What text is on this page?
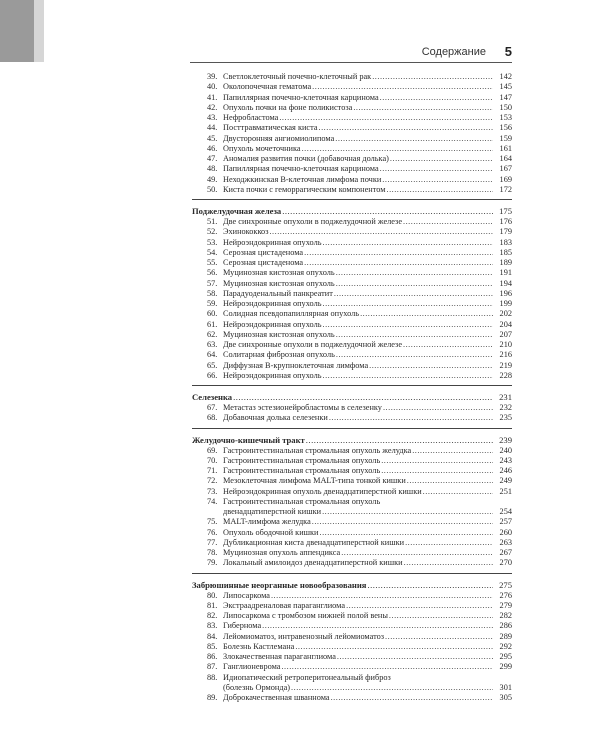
Содержание 5
39. Светлоклеточный почечно-клеточный рак .....	142
40. Околопочечная гематома .....	145
41. Папиллярная почечно-клеточная карцинома .....	147
42. Опухоль почки на фоне поликистоза .....	150
43. Нефробластома .....	153
44. Посттравматическая киста .....	156
45. Двусторонняя ангиомиолипома .....	159
46. Опухоль мочеточника .....	161
47. Аномалия развития почки (добавочная долька) .....	164
48. Папиллярная почечно-клеточная карцинома .....	167
49. Неходжкинская В-клеточная лимфома почки .....	169
50. Киста почки с геморрагическим компонентом .....	172
Поджелудочная железа .....	175
51. Две синхронные опухоли в поджелудочной железе .....	176
52. Эхинококкоз .....	179
53. Нейроэндокринная опухоль .....	183
54. Серозная цистаденома .....	185
55. Серозная цистаденома .....	189
56. Муцинозная кистозная опухоль .....	191
57. Муцинозная кистозная опухоль .....	194
58. Парадуоденальный панкреатит .....	196
59. Нейроэндокринная опухоль .....	199
60. Солидная псевдопапиллярная опухоль .....	202
61. Нейроэндокринная опухоль .....	204
62. Муцинозная кистозная опухоль .....	207
63. Две синхронные опухоли в поджелудочной железе .....	210
64. Солитарная фиброзная опухоль .....	216
65. Диффузная В-крупноклеточная лимфома .....	219
66. Нейроэндокринная опухоль .....	228
Селезенка .....	231
67. Метастаз эстезионейробластомы в селезенку .....	232
68. Добавочная долька селезенки .....	235
Желудочно-кишечный тракт .....	239
69. Гастроинтестинальная стромальная опухоль желудка .....	240
70. Гастроинтестинальная стромальная опухоль .....	243
71. Гастроинтестинальная стромальная опухоль .....	246
72. Мезоклеточная лимфома MALT-типа тонкой кишки .....	249
73. Нейроэндокринная опухоль двенадцатиперстной кишки .....	251
74. Гастроинтестинальная стромальная опухоль
двенадцатиперстной кишки .....	254
75. MALT-лимфома желудка .....	257
76. Опухоль ободочной кишки .....	260
77. Дубликационная киста двенадцатиперстной кишки .....	263
78. Муцинозная опухоль аппендикса .....	267
79. Локальный амилоидоз двенадцатиперстной кишки .....	270
Забрюшинные неорганные новообразования .....	275
80. Липосаркома .....	276
81. Экстраадреналовая параганглиома .....	279
82. Липосаркома с тромбозом нижней полой вены .....	282
83. Гибернома .....	286
84. Лейомиоматоз, интравенозный лейомиоматоз .....	289
85. Болезнь Кастлемана .....	292
86. Злокачественная параганглиома .....	295
87. Ганглионеврома .....	299
88. Идиопатический ретроперитонеальный фиброз
(болезнь Ормонда) .....	301
89. Доброкачественная шваннома .....	305
